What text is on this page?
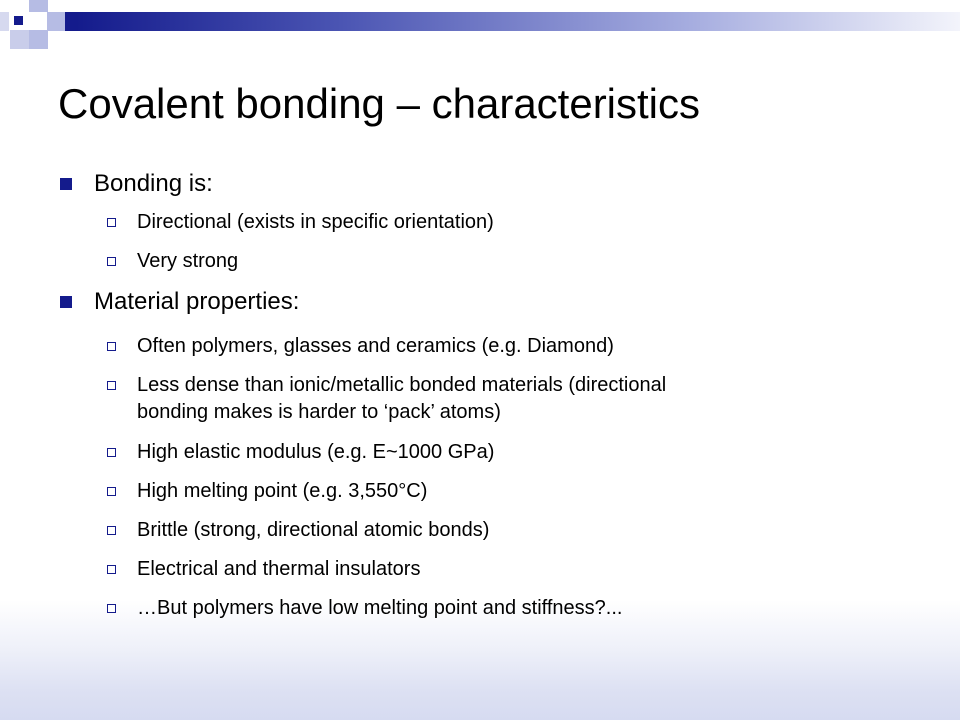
Covalent bonding – characteristics
Bonding is:
Directional (exists in specific orientation)
Very strong
Material properties:
Often polymers, glasses and ceramics (e.g. Diamond)
Less dense than ionic/metallic bonded materials (directional
bonding makes is harder to ‘pack’ atoms)
High elastic modulus (e.g. E~1000 GPa)
High melting point (e.g. 3,550°C)
Brittle (strong, directional atomic bonds)
Electrical and thermal insulators
…But polymers have low melting point and stiffness?...
